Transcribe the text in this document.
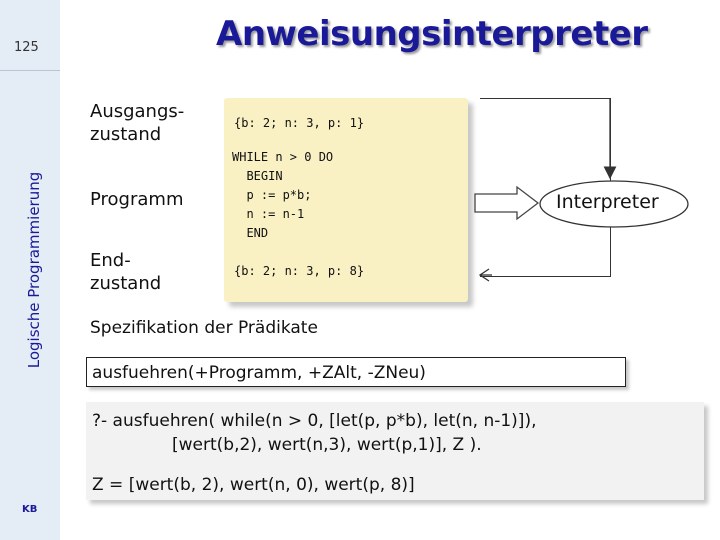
125
Logische Programmierung
KB
Anweisungsinterpreter
Ausgangs-
zustand
Programm
End-
zustand
{b: 2; n: 3, p: 1}
WHILE n > 0 DO
BEGIN
p := p*b;
n := n-1
END
{b: 2; n: 3, p: 8}
Interpreter
Spezifikation der Prädikate
ausfuehren(+Programm, +ZAlt, -ZNeu)
?- ausfuehren( while(n > 0, [let(p, p*b), let(n, n-1)]),
[wert(b,2), wert(n,3), wert(p,1)], Z ).
Z = [wert(b, 2), wert(n, 0), wert(p, 8)]
